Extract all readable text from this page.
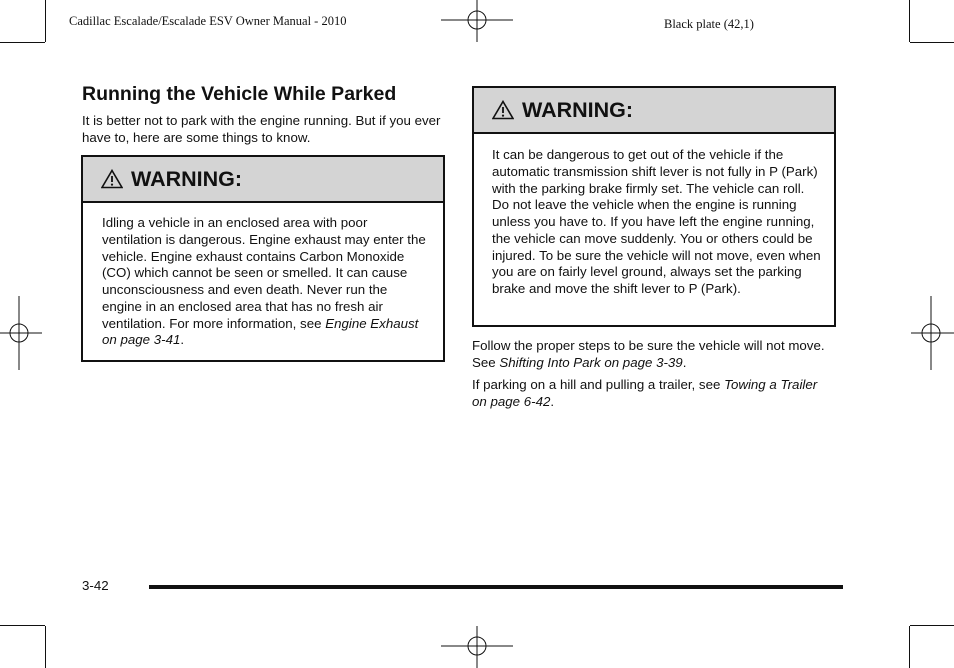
Cadillac Escalade/Escalade ESV Owner Manual - 2010	Black plate (42,1)
Running the Vehicle While Parked

It is better not to park with the engine running. But if you ever have to, here are some things to know.

WARNING:
Idling a vehicle in an enclosed area with poor ventilation is dangerous. Engine exhaust may enter the vehicle. Engine exhaust contains Carbon Monoxide (CO) which cannot be seen or smelled. It can cause unconsciousness and even death. Never run the engine in an enclosed area that has no fresh air ventilation. For more information, see Engine Exhaust on page 3-41.
WARNING:
It can be dangerous to get out of the vehicle if the automatic transmission shift lever is not fully in P (Park) with the parking brake firmly set. The vehicle can roll. Do not leave the vehicle when the engine is running unless you have to. If you have left the engine running, the vehicle can move suddenly. You or others could be injured. To be sure the vehicle will not move, even when you are on fairly level ground, always set the parking brake and move the shift lever to P (Park).

Follow the proper steps to be sure the vehicle will not move. See Shifting Into Park on page 3-39.

If parking on a hill and pulling a trailer, see Towing a Trailer on page 6-42.

3-42
